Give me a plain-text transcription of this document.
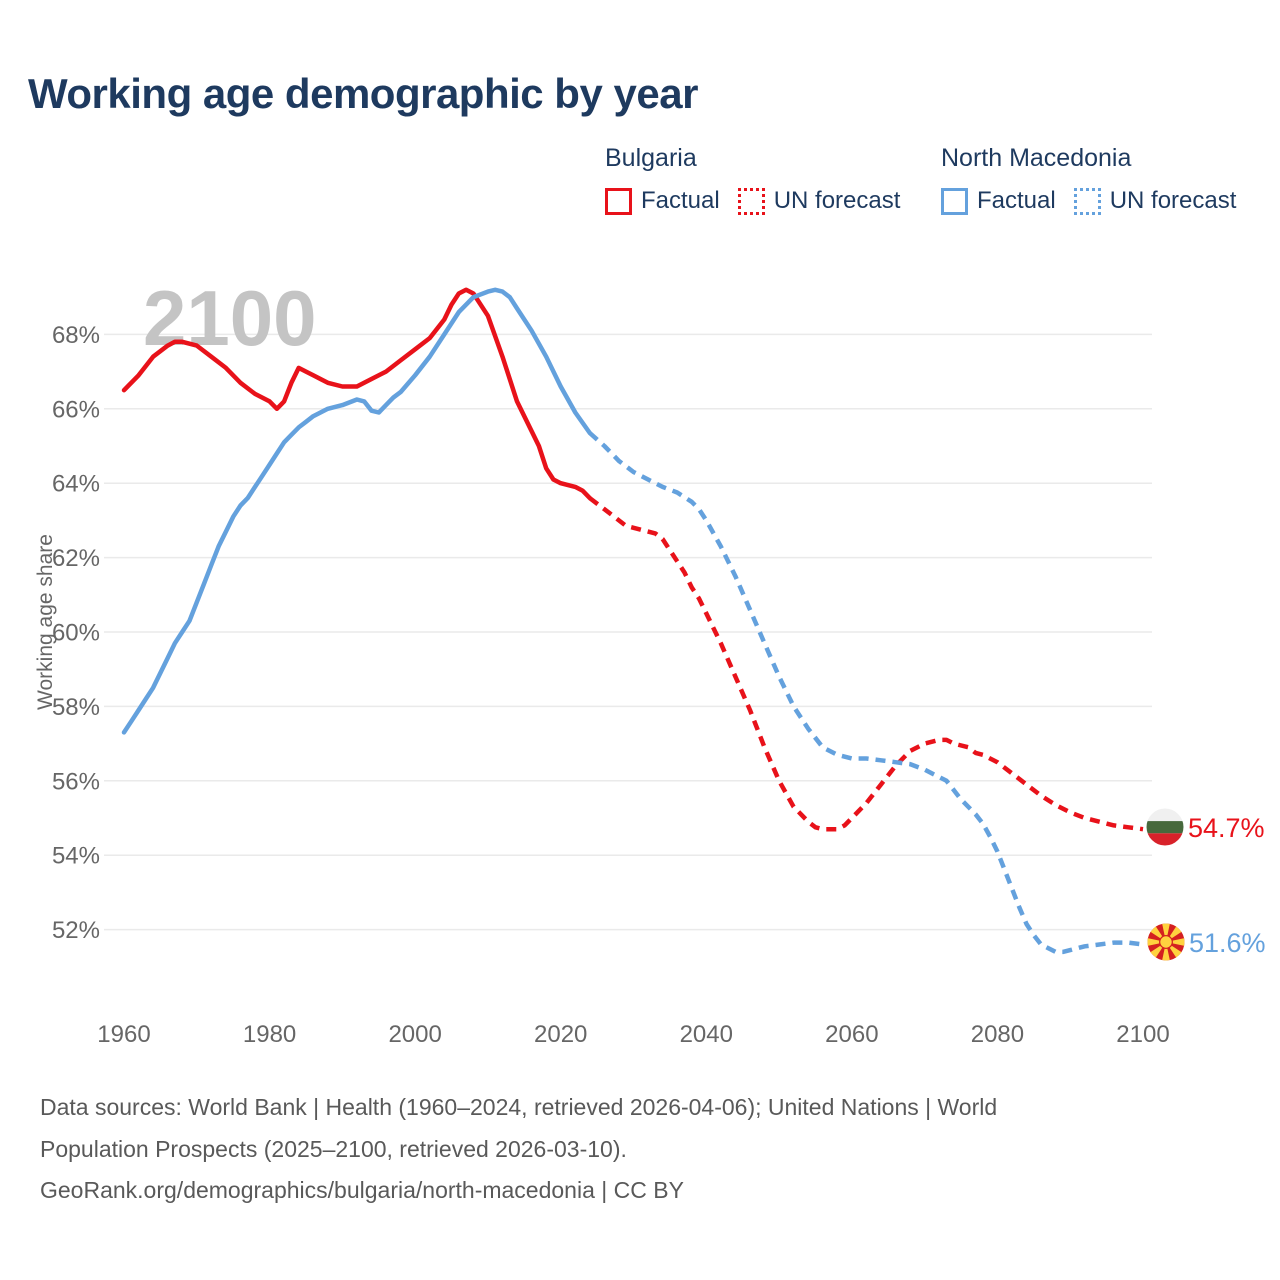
Working age demographic by year
Bulgaria
Factual UN forecast
North Macedonia
Factual UN forecast
2100
52%
54%
56%
58%
60%
62%
64%
66%
68%
1960	1980	2000	2020	2040	2060	2080	2100
Working age share
54.7%
51.6%
Data sources: World Bank | Health (1960–2024, retrieved 2026-04-06); United Nations | World
Population Prospects (2025–2100, retrieved 2026-03-10).
GeoRank.org/demographics/bulgaria/north-macedonia | CC BY
